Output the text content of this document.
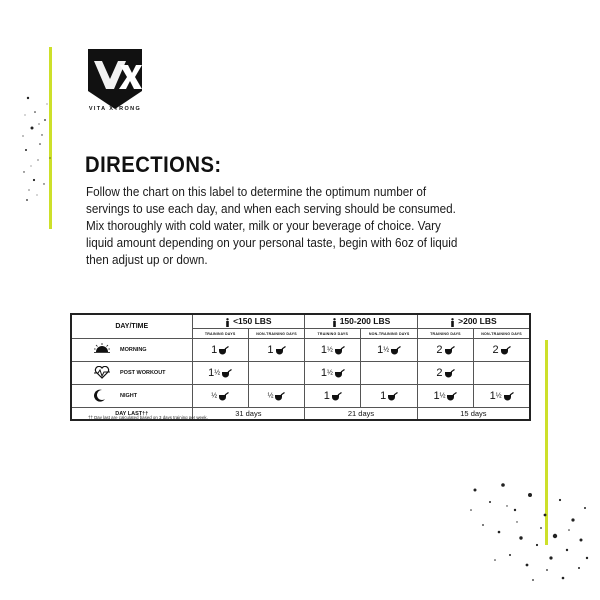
VITA XTRONG
DIRECTIONS:

Follow the chart on this label to determine the optimum number of servings to use each day, and when each serving should be consumed. Mix thoroughly with cold water, milk or your beverage of choice. Vary liquid amount depending on your personal taste, begin with 6oz of liquid then adjust up or down.

DAY/TIME	<150 LBS		150-200 LBS		>200 LBS	
	TRAINING DAYS	NON-TRAINING DAYS	TRAINING DAYS	NON-TRAINING DAYS	TRAINING DAYS	NON-TRAINING DAYS

MORNING	1	1	1½	1½	2	2

POST WORKOUT	1½		1½		2	

NIGHT	½	½	1	1	1½	1½
DAY LAST††	31 days		21 days		15 days	
†† Day last are calculated based on 3 days training per week.
